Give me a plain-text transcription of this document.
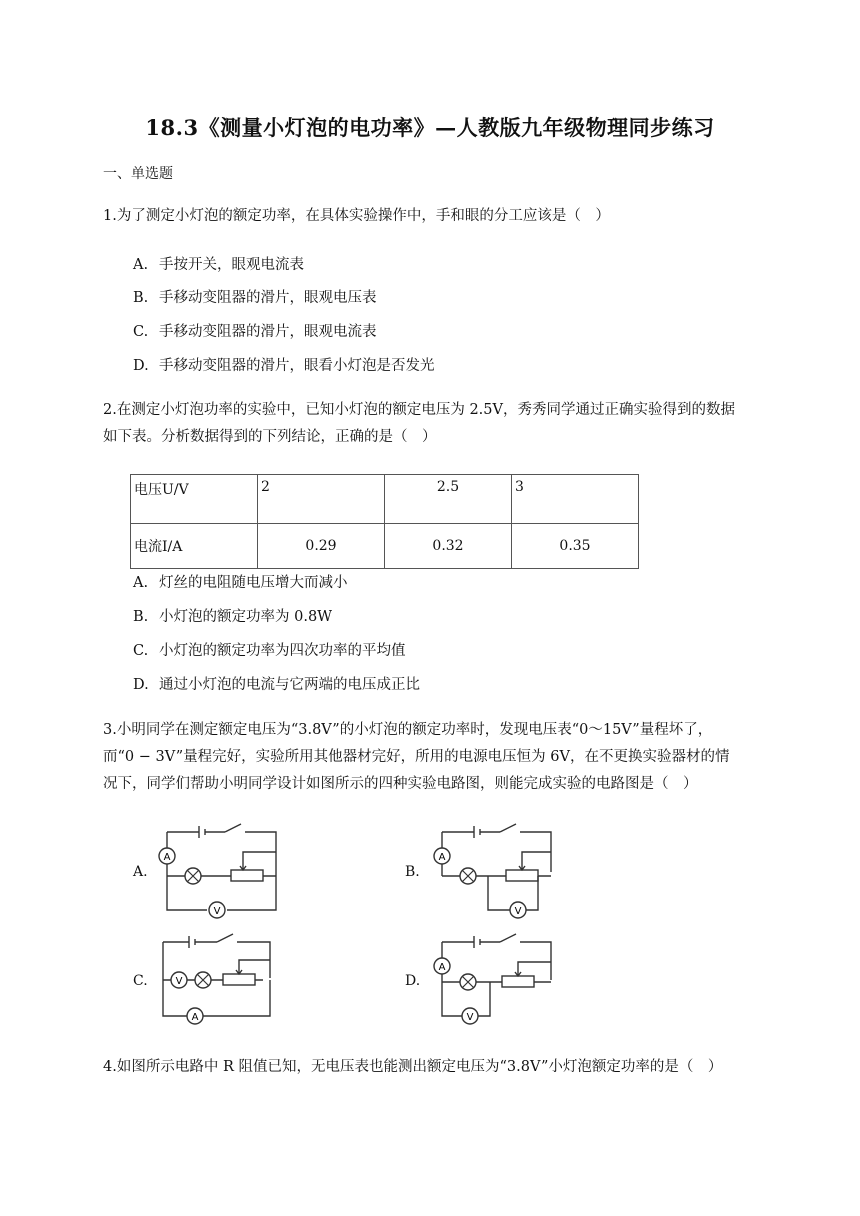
18.3《测量小灯泡的电功率》—人教版九年级物理同步练习
一、单选题
1.为了测定小灯泡的额定功率，在具体实验操作中，手和眼的分工应该是（　）
A. 手按开关，眼观电流表
B. 手移动变阻器的滑片，眼观电压表
C. 手移动变阻器的滑片，眼观电流表
D. 手移动变阻器的滑片，眼看小灯泡是否发光
2.在测定小灯泡功率的实验中，已知小灯泡的额定电压为 2.5V，秀秀同学通过正确实验得到的数据
如下表。分析数据得到的下列结论，正确的是（　）
电压U/V	2	2.5	3
电流I/A	0.29	0.32	0.35
A. 灯丝的电阻随电压增大而减小
B. 小灯泡的额定功率为 0.8W
C. 小灯泡的额定功率为四次功率的平均值
D. 通过小灯泡的电流与它两端的电压成正比
3.小明同学在测定额定电压为“3.8V”的小灯泡的额定功率时，发现电压表“0～15V”量程坏了，
而“0 − 3V”量程完好，实验所用其他器材完好，所用的电源电压恒为 6V，在不更换实验器材的情
况下，同学们帮助小明同学设计如图所示的四种实验电路图，则能完成实验的电路图是（　）
A.	B.
C.	D.
A
V
A
V
V
A
A
V
4.如图所示电路中 R 阻值已知，无电压表也能测出额定电压为“3.8V”小灯泡额定功率的是（　）
